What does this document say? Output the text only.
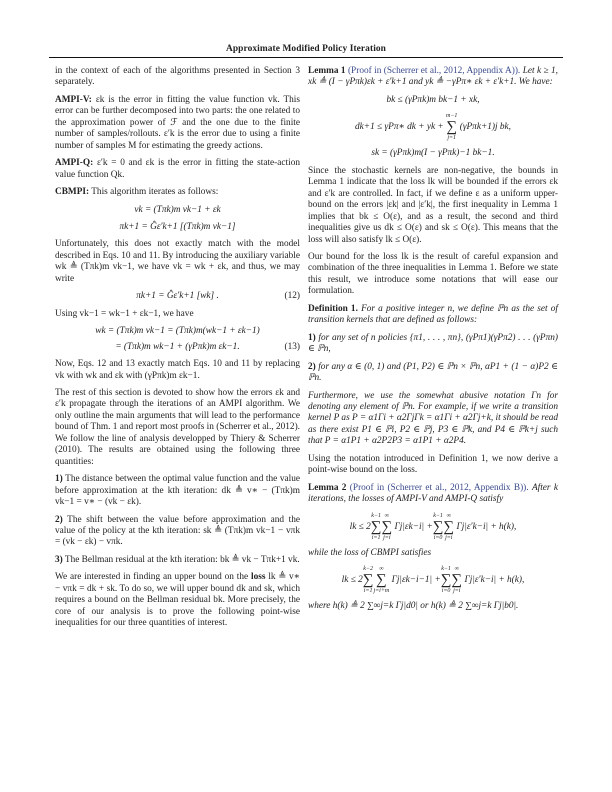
Approximate Modified Policy Iteration

in the context of each of the algorithms presented in Section 3 separately.

AMPI-V: εk is the error in fitting the value function vk. This error can be further decomposed into two parts: the one related to the approximation power of ℱ and the one due to the finite number of samples/rollouts. ε′k is the error due to using a finite number of samples M for estimating the greedy actions.

AMPI-Q: ε′k = 0 and εk is the error in fitting the state-action value function Qk.

CBMPI: This algorithm iterates as follows:

vk = (Tπk)m vk−1 + εk
πk+1 = Ĝε′k+1 [(Tπk)m vk−1]

Unfortunately, this does not exactly match with the model described in Eqs. 10 and 11. By introducing the auxiliary variable wk ≜ (Tπk)m vk−1, we have vk = wk + εk, and thus, we may write

πk+1 = Ĝε′k+1 [wk] .	(12)

Using vk−1 = wk−1 + εk−1, we have

wk = (Tπk)m vk−1 = (Tπk)m(wk−1 + εk−1)
= (Tπk)m wk−1 + (γPπk)m εk−1.	(13)

Now, Eqs. 12 and 13 exactly match Eqs. 10 and 11 by replacing vk with wk and εk with (γPπk)m εk−1.

The rest of this section is devoted to show how the errors εk and ε′k propagate through the iterations of an AMPI algorithm. We only outline the main arguments that will lead to the performance bound of Thm. 1 and report most proofs in (Scherrer et al., 2012). We follow the line of analysis developped by Thiery & Scherrer (2010). The results are obtained using the following three quantities:

1) The distance between the optimal value function and the value before approximation at the kth iteration: dk ≜ v∗ − (Tπk)m vk−1 = v∗ − (vk − εk).

2) The shift between the value before approximation and the value of the policy at the kth iteration: sk ≜ (Tπk)m vk−1 − vπk = (vk − εk) − vπk.

3) The Bellman residual at the kth iteration: bk ≜ vk − Tπk+1 vk.

We are interested in finding an upper bound on the loss lk ≜ v∗ − vπk = dk + sk. To do so, we will upper bound dk and sk, which requires a bound on the Bellman residual bk. More precisely, the core of our analysis is to prove the following point-wise inequalities for our three quantities of interest.

Lemma 1 (Proof in (Scherrer et al., 2012, Appendix A)). Let k ≥ 1, xk ≜ (I − γPπk)εk + ε′k+1 and yk ≜ −γPπ∗ εk + ε′k+1. We have:

bk ≤ (γPπk)m bk−1 + xk,
dk+1 ≤ γPπ∗ dk + yk + m−1
∑
j=1 (γPπk+1)j bk,
sk = (γPπk)m(I − γPπk)−1 bk−1.

Since the stochastic kernels are non-negative, the bounds in Lemma 1 indicate that the loss lk will be bounded if the errors εk and ε′k are controlled. In fact, if we define ε as a uniform upper-bound on the errors |εk| and |ε′k|, the first inequality in Lemma 1 implies that bk ≤ O(ε), and as a result, the second and third inequalities give us dk ≤ O(ε) and sk ≤ O(ε). This means that the loss will also satisfy lk ≤ O(ε).

Our bound for the loss lk is the result of careful expansion and combination of the three inequalities in Lemma 1. Before we state this result, we introduce some notations that will ease our formulation.

Definition 1. For a positive integer n, we define ℙn as the set of transition kernels that are defined as follows:

1) for any set of n policies {π1, . . . , πn}, (γPπ1)(γPπ2) . . . (γPπn) ∈ ℙn,

2) for any α ∈ (0, 1) and (P1, P2) ∈ ℙn × ℙn, αP1 + (1 − α)P2 ∈ ℙn.

Furthermore, we use the somewhat abusive notation Γn for denoting any element of ℙn. For example, if we write a transition kernel P as P = α1Γi + α2ΓjΓk = α1Γi + α2Γj+k, it should be read as there exist P1 ∈ ℙi, P2 ∈ ℙj, P3 ∈ ℙk, and P4 ∈ ℙk+j such that P = α1P1 + α2P2P3 = α1P1 + α2P4.

Using the notation introduced in Definition 1, we now derive a point-wise bound on the loss.

Lemma 2 (Proof in (Scherrer et al., 2012, Appendix B)). After k iterations, the losses of AMPI-V and AMPI-Q satisfy

lk ≤ 2k−1
∑
i=1∞
∑
j=i Γj|εk−i| +k−1
∑
i=0∞
∑
j=i Γj|ε′k−i| + h(k),

while the loss of CBMPI satisfies

lk ≤ 2k−2
∑
i=1∞
∑
j=i+m Γj|εk−i−1| +k−1
∑
i=0∞
∑
j=i Γj|ε′k−i| + h(k),

where h(k) ≜ 2 ∑∞j=k Γj|d0| or h(k) ≜ 2 ∑∞j=k Γj|b0|.
